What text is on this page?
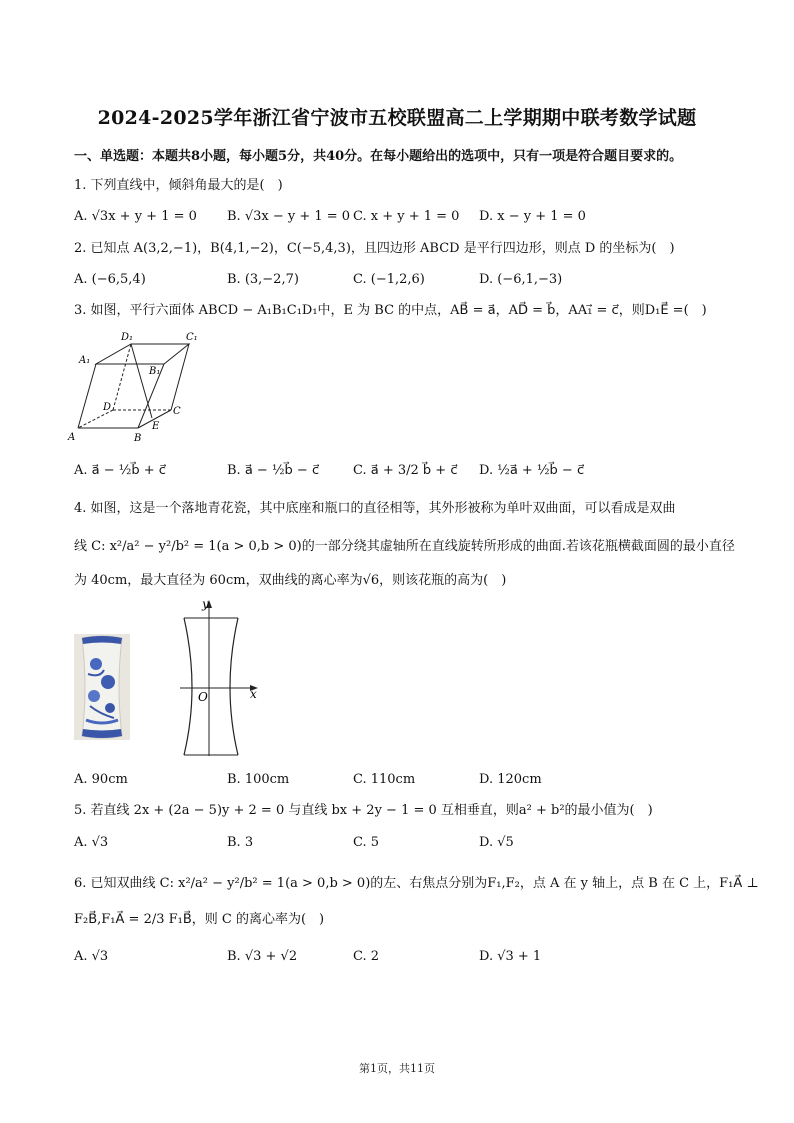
2024-2025学年浙江省宁波市五校联盟高二上学期期中联考数学试题
一、单选题：本题共8小题，每小题5分，共40分。在每小题给出的选项中，只有一项是符合题目要求的。
1. 下列直线中，倾斜角最大的是(　)
A. √3x + y + 1 = 0 B. √3x − y + 1 = 0 C. x + y + 1 = 0 D. x − y + 1 = 0
2. 已知点 A(3,2,−1)，B(4,1,−2)，C(−5,4,3)，且四边形 ABCD 是平行四边形，则点 D 的坐标为(　)
A. (−6,5,4)	B. (3,−2,7)	C. (−1,2,6)	D. (−6,1,−3)
3. 如图，平行六面体 ABCD − A₁B₁C₁D₁中，E 为 BC 的中点，AB⃗ = a⃗，AD⃗ = b⃗，AA₁⃗ = c⃗，则D₁E⃗ =(　)
D₁	C₁
A₁
B₁
D	C
A	B
E
A. a⃗ − ½b⃗ + c⃗	B. a⃗ − ½b⃗ − c⃗	C. a⃗ + 3/2 b⃗ + c⃗ D. ½a⃗ + ½b⃗ − c⃗
4. 如图，这是一个落地青花瓷，其中底座和瓶口的直径相等，其外形被称为单叶双曲面，可以看成是双曲
线 C: x²/a² − y²/b² = 1(a > 0,b > 0)的一部分绕其虚轴所在直线旋转所形成的曲面.若该花瓶横截面圆的最小直径
为 40cm，最大直径为 60cm，双曲线的离心率为√6，则该花瓶的高为(　)
y
O	x
A. 90cm	B. 100cm	C. 110cm	D. 120cm
5. 若直线 2x + (2a − 5)y + 2 = 0 与直线 bx + 2y − 1 = 0 互相垂直，则a² + b²的最小值为(　)
A. √3	B. 3	C. 5	D. √5
6. 已知双曲线 C: x²/a² − y²/b² = 1(a > 0,b > 0)的左、右焦点分别为F₁,F₂，点 A 在 y 轴上，点 B 在 C 上，F₁A⃗ ⊥
F₂B⃗,F₁A⃗ = 2/3 F₁B⃗，则 C 的离心率为(　)
A. √3	B. √3 + √2	C. 2	D. √3 + 1
第1页，共11页
